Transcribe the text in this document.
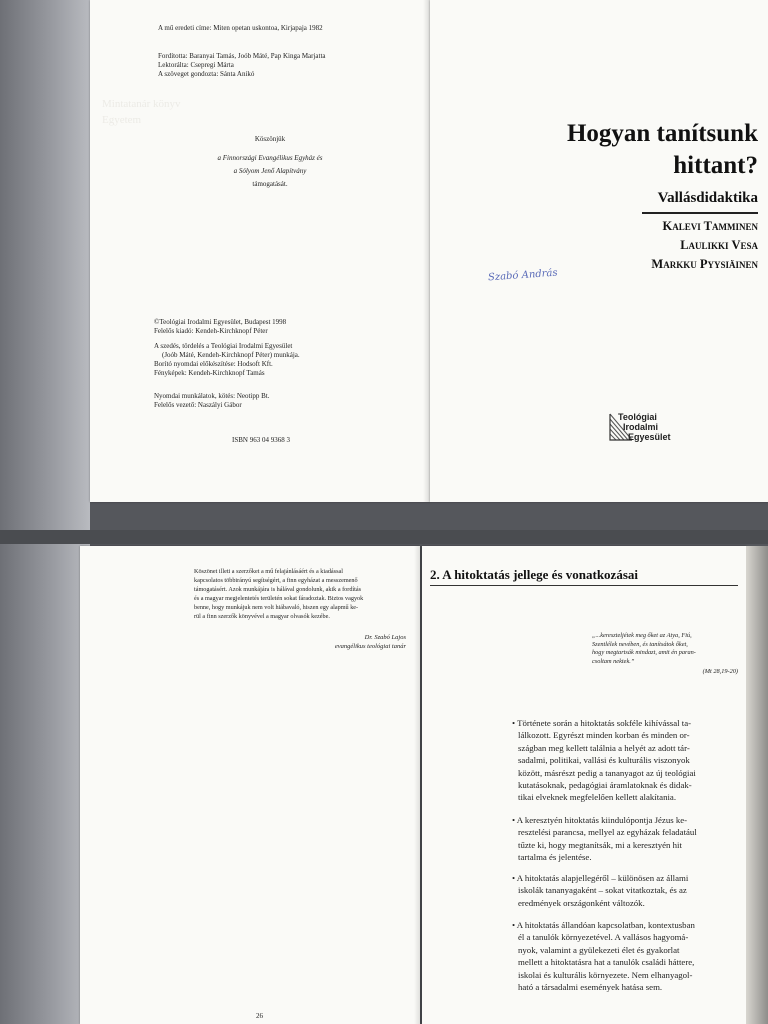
A mű eredeti címe: Miten opetan uskontoa, Kirjapaja 1982
Fordította: Baranyai Tamás, Joób Máté, Pap Kinga Marjatta
Lektorálta: Csepregi Márta
A szöveget gondozta: Sánta Anikó
Mintatanár könyv
Egyetem
Köszönjük
a Finnországi Evangélikus Egyház és
a Sólyom Jenő Alapítvány
támogatását.
©Teológiai Irodalmi Egyesület, Budapest 1998
Felelős kiadó: Kendeh-Kirchknopf Péter
A szedés, tördelés a Teológiai Irodalmi Egyesület
(Joób Máté, Kendeh-Kirchknopf Péter) munkája.
Borító nyomdai előkészítése: Hodsoft Kft.
Fényképek: Kendeh-Kirchknopf Tamás
Nyomdai munkálatok, kötés: Neotipp Bt.
Felelős vezető: Naszályi Gábor
ISBN 963 04 9368 3
Hogyan tanítsunk
hittant?
Vallásdidaktika
Kalevi Tamminen
Laulikki Vesa
Markku Pyysiäinen
Szabó András
Teológiai
Irodalmi
Egyesület
Köszönet illeti a szerzőket a mű felajánlásáért és a kiadással
kapcsolatos többirányú segítségért, a finn egyházat a messzemenő
támogatásért. Azok munkájára is hálával gondolunk, akik a fordítás
és a magyar megjelentetés területén sokat fáradoztak. Biztos vagyok
benne, hogy munkájuk nem volt hiábavaló, hiszen egy alapmű ke-
rül a finn szerzők könyvével a magyar olvasók kezébe.
Dr. Szabó Lajos
evangélikus teológiai tanár
26
2. A hitoktatás jellege és vonatkozásai
„...kereszteljétek meg őket az Atya, Fiú,
Szentlélek nevében, és tanítsátok őket,
hogy megtartsák mindazt, amit én paran-
csoltam nektek.”
(Mt 28,19-20)

• Története során a hitoktatás sokféle kihívással ta-

lálkozott. Egyrészt minden korban és minden or-

szágban meg kellett találnia a helyét az adott tár-

sadalmi, politikai, vallási és kulturális viszonyok

között, másrészt pedig a tananyagot az új teológiai

kutatásoknak, pedagógiai áramlatoknak és didak-

tikai elveknek megfelelően kellett alakítania.

• A keresztyén hitoktatás kiindulópontja Jézus ke-

resztelési parancsa, mellyel az egyházak feladatául

tűzte ki, hogy megtanítsák, mi a keresztyén hit

tartalma és jelentése.

• A hitoktatás alapjellegéről – különösen az állami

iskolák tananyagaként – sokat vitatkoztak, és az

eredmények országonként változók.

• A hitoktatás állandóan kapcsolatban, kontextusban

él a tanulók környezetével. A vallásos hagyomá-

nyok, valamint a gyülekezeti élet és gyakorlat

mellett a hitoktatásra hat a tanulók családi háttere,

iskolai és kulturális környezete. Nem elhanyagol-

ható a társadalmi események hatása sem.
